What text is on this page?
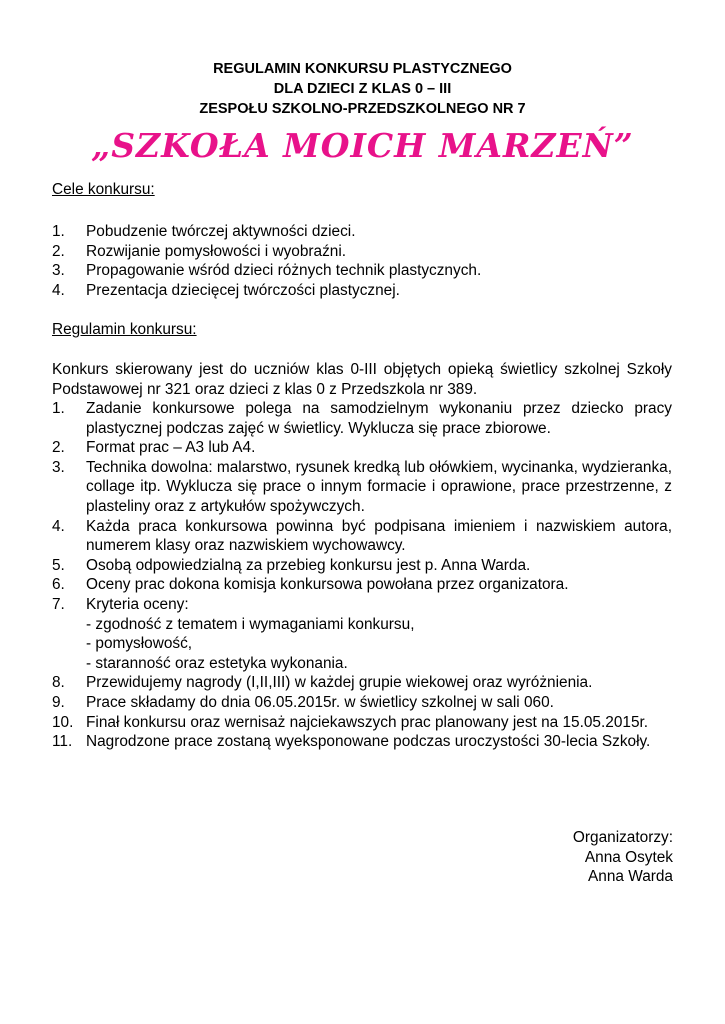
REGULAMIN KONKURSU PLASTYCZNEGO
DLA DZIECI Z KLAS 0 – III
ZESPOŁU SZKOLNO-PRZEDSZKOLNEGO NR 7
„SZKOŁA MOICH MARZEŃ”
Cele konkursu:
1. Pobudzenie twórczej aktywności dzieci.
2. Rozwijanie pomysłowości i wyobraźni.
3. Propagowanie wśród dzieci różnych technik plastycznych.
4. Prezentacja dziecięcej twórczości plastycznej.
Regulamin konkursu:
Konkurs skierowany jest do uczniów klas 0-III objętych opieką świetlicy szkolnej Szkoły Podstawowej nr 321 oraz dzieci z klas 0 z Przedszkola nr 389.
1. Zadanie konkursowe polega na samodzielnym wykonaniu przez dziecko pracy plastycznej podczas zajęć w świetlicy. Wyklucza się prace zbiorowe.
2. Format prac – A3 lub A4.
3. Technika dowolna: malarstwo, rysunek kredką lub ołówkiem, wycinanka, wydzieranka, collage itp. Wyklucza się prace o innym formacie i oprawione, prace przestrzenne, z plasteliny oraz z artykułów spożywczych.
4. Każda praca konkursowa powinna być podpisana imieniem i nazwiskiem autora, numerem klasy oraz nazwiskiem wychowawcy.
5. Osobą odpowiedzialną za przebieg konkursu jest p. Anna Warda.
6. Oceny prac dokona komisja konkursowa powołana przez organizatora.
7. Kryteria oceny:
- zgodność z tematem i wymaganiami konkursu,
- pomysłowość,
- staranność oraz estetyka wykonania.
8. Przewidujemy nagrody (I,II,III) w każdej grupie wiekowej oraz wyróżnienia.
9. Prace składamy do dnia 06.05.2015r. w świetlicy szkolnej w sali 060.
10. Finał konkursu oraz wernisaż najciekawszych prac planowany jest na 15.05.2015r.
11. Nagrodzone prace zostaną wyeksponowane podczas uroczystości 30-lecia Szkoły.
Organizatorzy:
Anna Osytek
Anna Warda
